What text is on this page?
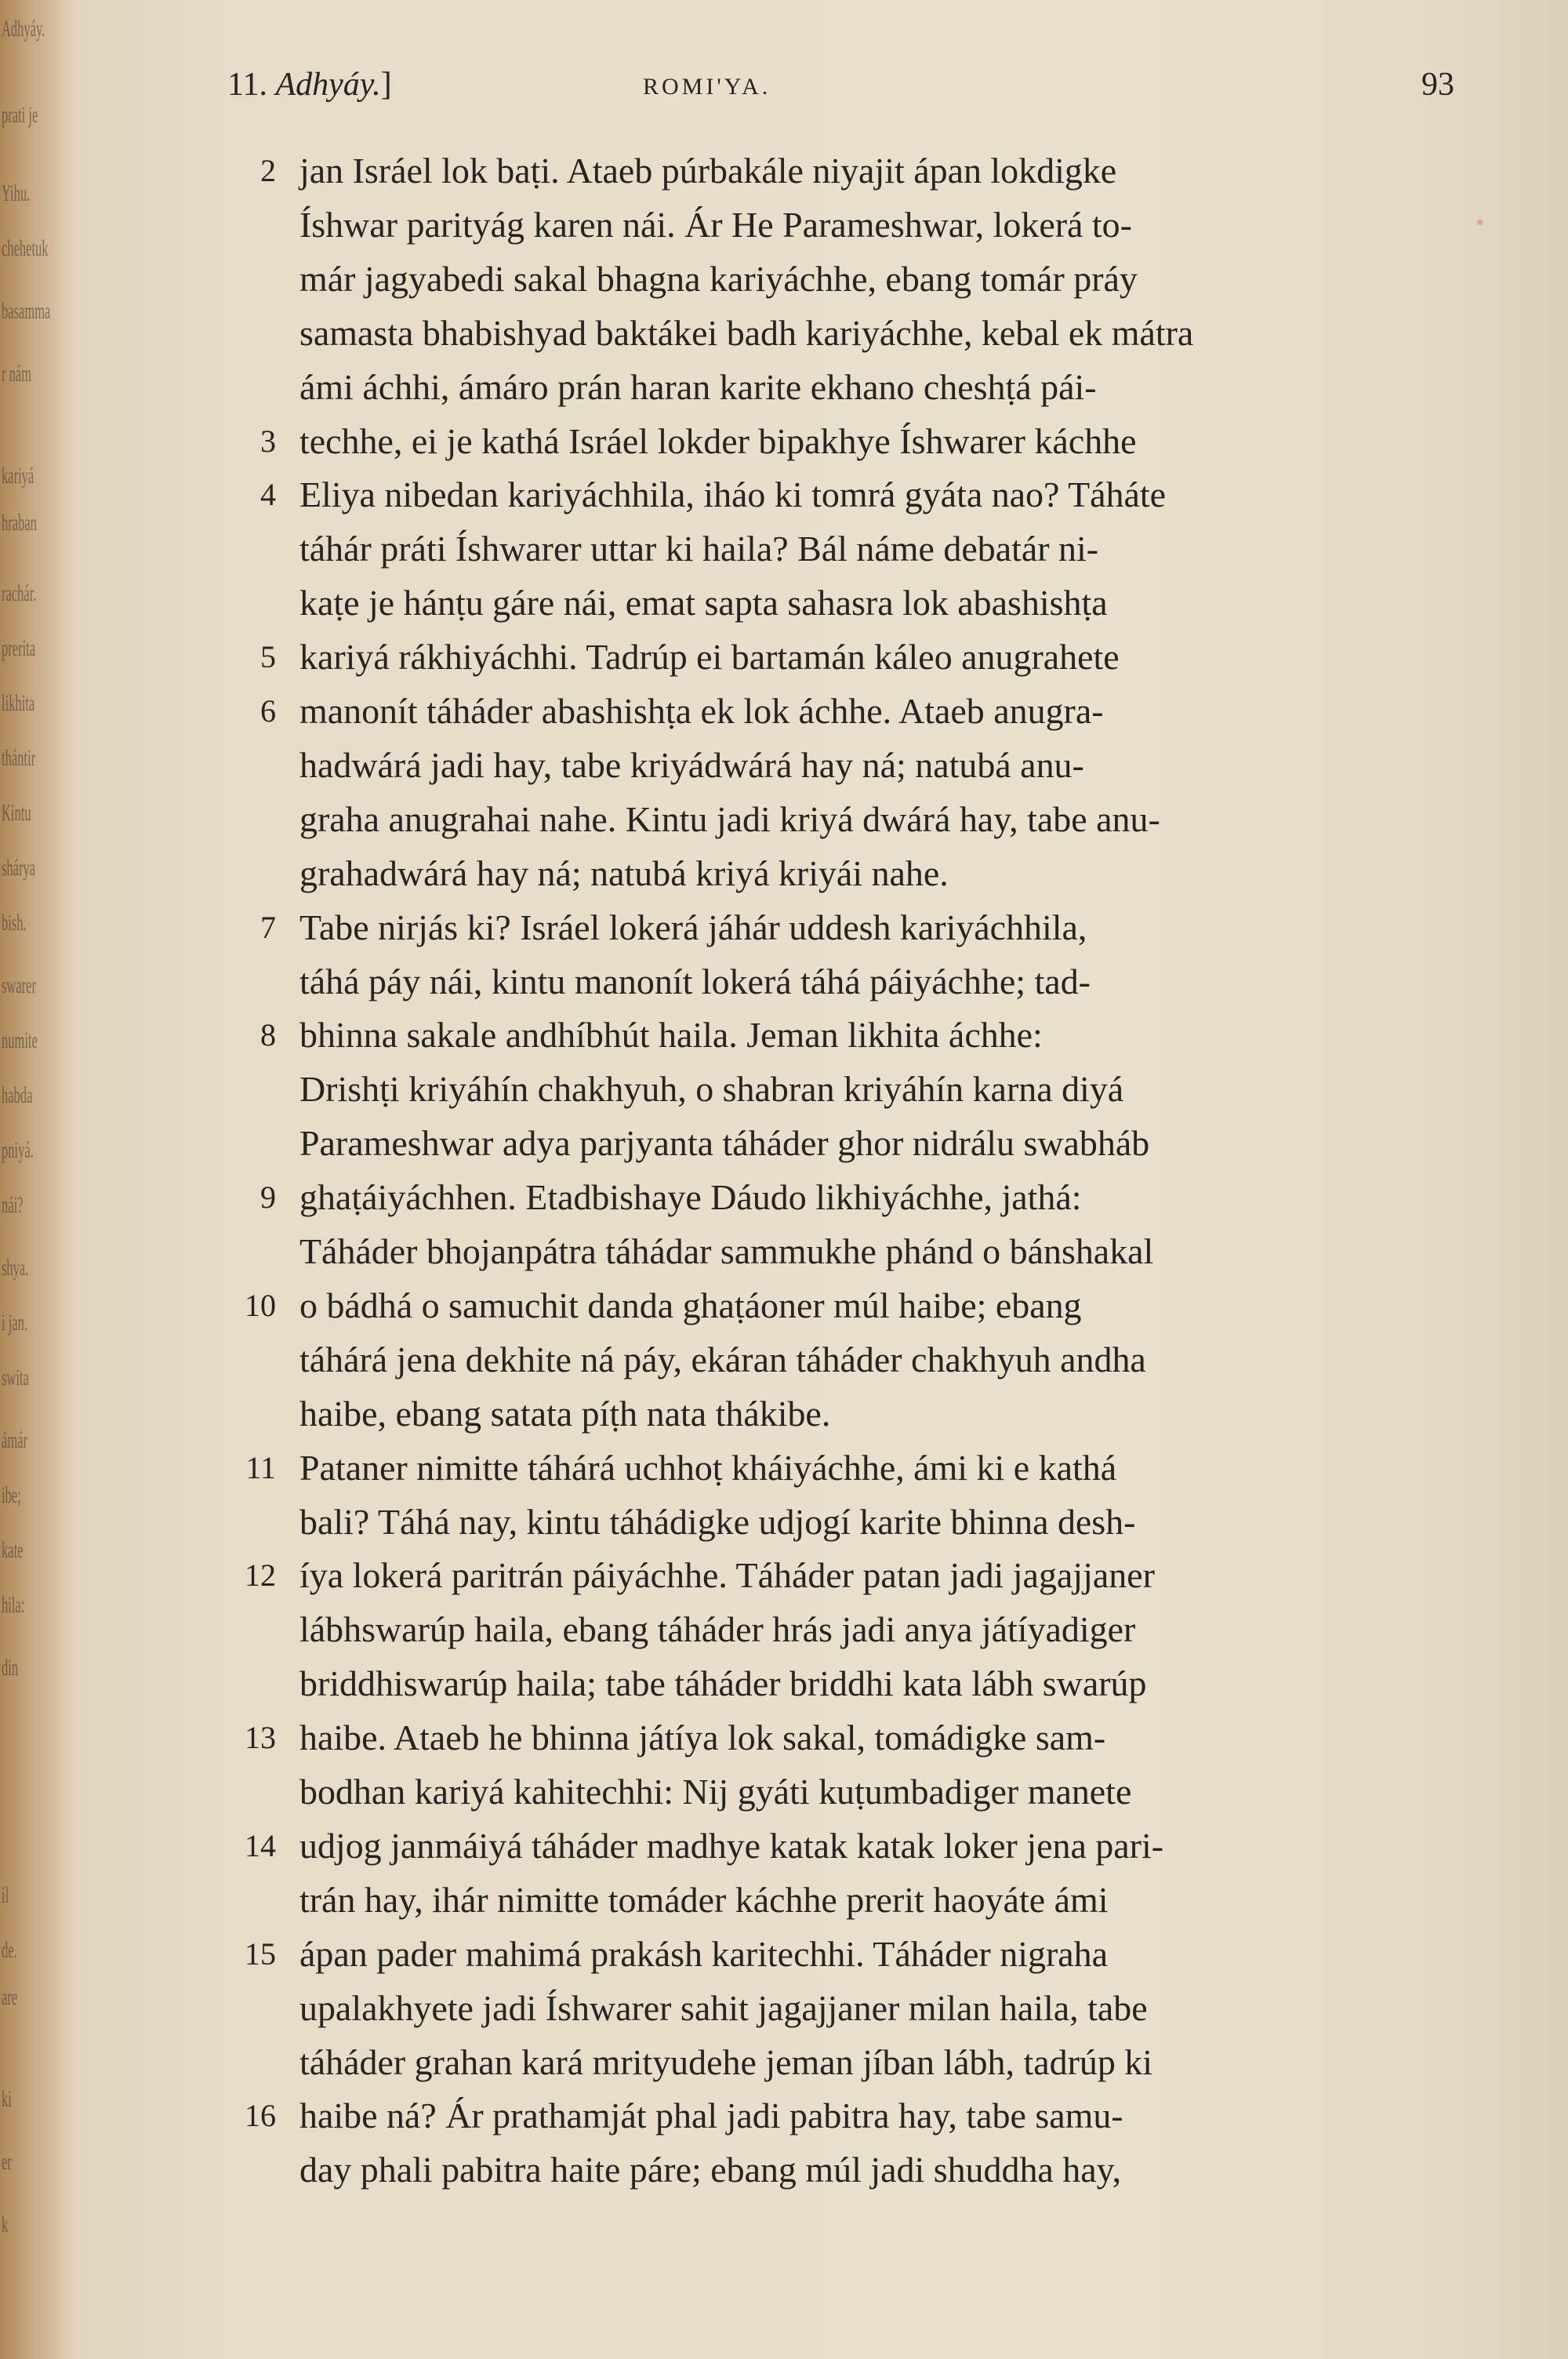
Adhyáy.
prati je
Yihu.
chehetuk
basamma
r nám
kariyá
hraban
rachár.
prerita
likhita
thántir
Kintu
shárya
bish.
swarer
numite
habda
pniyá.
nái?
shya.
i jan.
swita
ámár
ibe;
kate
hila:
din
il
de.
are
ki
er
k
11. Adhyáy.]	ROMI'YA.	93
2 jan Isráel lok baṭi. Ataeb púrbakále niyajit ápan lokdigke
Íshwar parityág karen nái. Ár He Parameshwar, lokerá to-
már jagyabedi sakal bhagna kariyáchhe, ebang tomár práy
samasta bhabishyad baktákei badh kariyáchhe, kebal ek mátra
ámi áchhi, ámáro prán haran karite ekhano cheshṭá pái-
3 techhe, ei je kathá Isráel lokder bipakhye Íshwarer káchhe
4 Eliya nibedan kariyáchhila, iháo ki tomrá gyáta nao? Táháte
táhár práti Íshwarer uttar ki haila? Bál náme debatár ni-
kaṭe je hánṭu gáre nái, emat sapta sahasra lok abashishṭa
5 kariyá rákhiyáchhi. Tadrúp ei bartamán káleo anugrahete
6 manonít táháder abashishṭa ek lok áchhe. Ataeb anugra-
hadwárá jadi hay, tabe kriyádwárá hay ná; natubá anu-
graha anugrahai nahe. Kintu jadi kriyá dwárá hay, tabe anu-
grahadwárá hay ná; natubá kriyá kriyái nahe.
7 Tabe nirjás ki? Isráel lokerá jáhár uddesh kariyáchhila,
táhá páy nái, kintu manonít lokerá táhá páiyáchhe; tad-
8 bhinna sakale andhíbhút haila. Jeman likhita áchhe:
Drishṭi kriyáhín chakhyuh, o shabran kriyáhín karna diyá
Parameshwar adya parjyanta táháder ghor nidrálu swabháb
9 ghaṭáiyáchhen. Etadbishaye Dáudo likhiyáchhe, jathá:
Táháder bhojanpátra táhádar sammukhe phánd o bánshakal
10 o bádhá o samuchit danda ghaṭáoner múl haibe; ebang
táhárá jena dekhite ná páy, ekáran táháder chakhyuh andha
haibe, ebang satata píṭh nata thákibe.
11 Pataner nimitte táhárá uchhoṭ kháiyáchhe, ámi ki e kathá
bali? Táhá nay, kintu táhádigke udjogí karite bhinna desh-
12 íya lokerá paritrán páiyáchhe. Táháder patan jadi jagajjaner
lábhswarúp haila, ebang táháder hrás jadi anya játíyadiger
briddhiswarúp haila; tabe táháder briddhi kata lábh swarúp
13 haibe. Ataeb he bhinna játíya lok sakal, tomádigke sam-
bodhan kariyá kahitechhi: Nij gyáti kuṭumbadiger manete
14 udjog janmáiyá táháder madhye katak katak loker jena pari-
trán hay, ihár nimitte tomáder káchhe prerit haoyáte ámi
15 ápan pader mahimá prakásh karitechhi. Táháder nigraha
upalakhyete jadi Íshwarer sahit jagajjaner milan haila, tabe
táháder grahan kará mrityudehe jeman jíban lábh, tadrúp ki
16 haibe ná? Ár prathamját phal jadi pabitra hay, tabe samu-
day phali pabitra haite páre; ebang múl jadi shuddha hay,
•
